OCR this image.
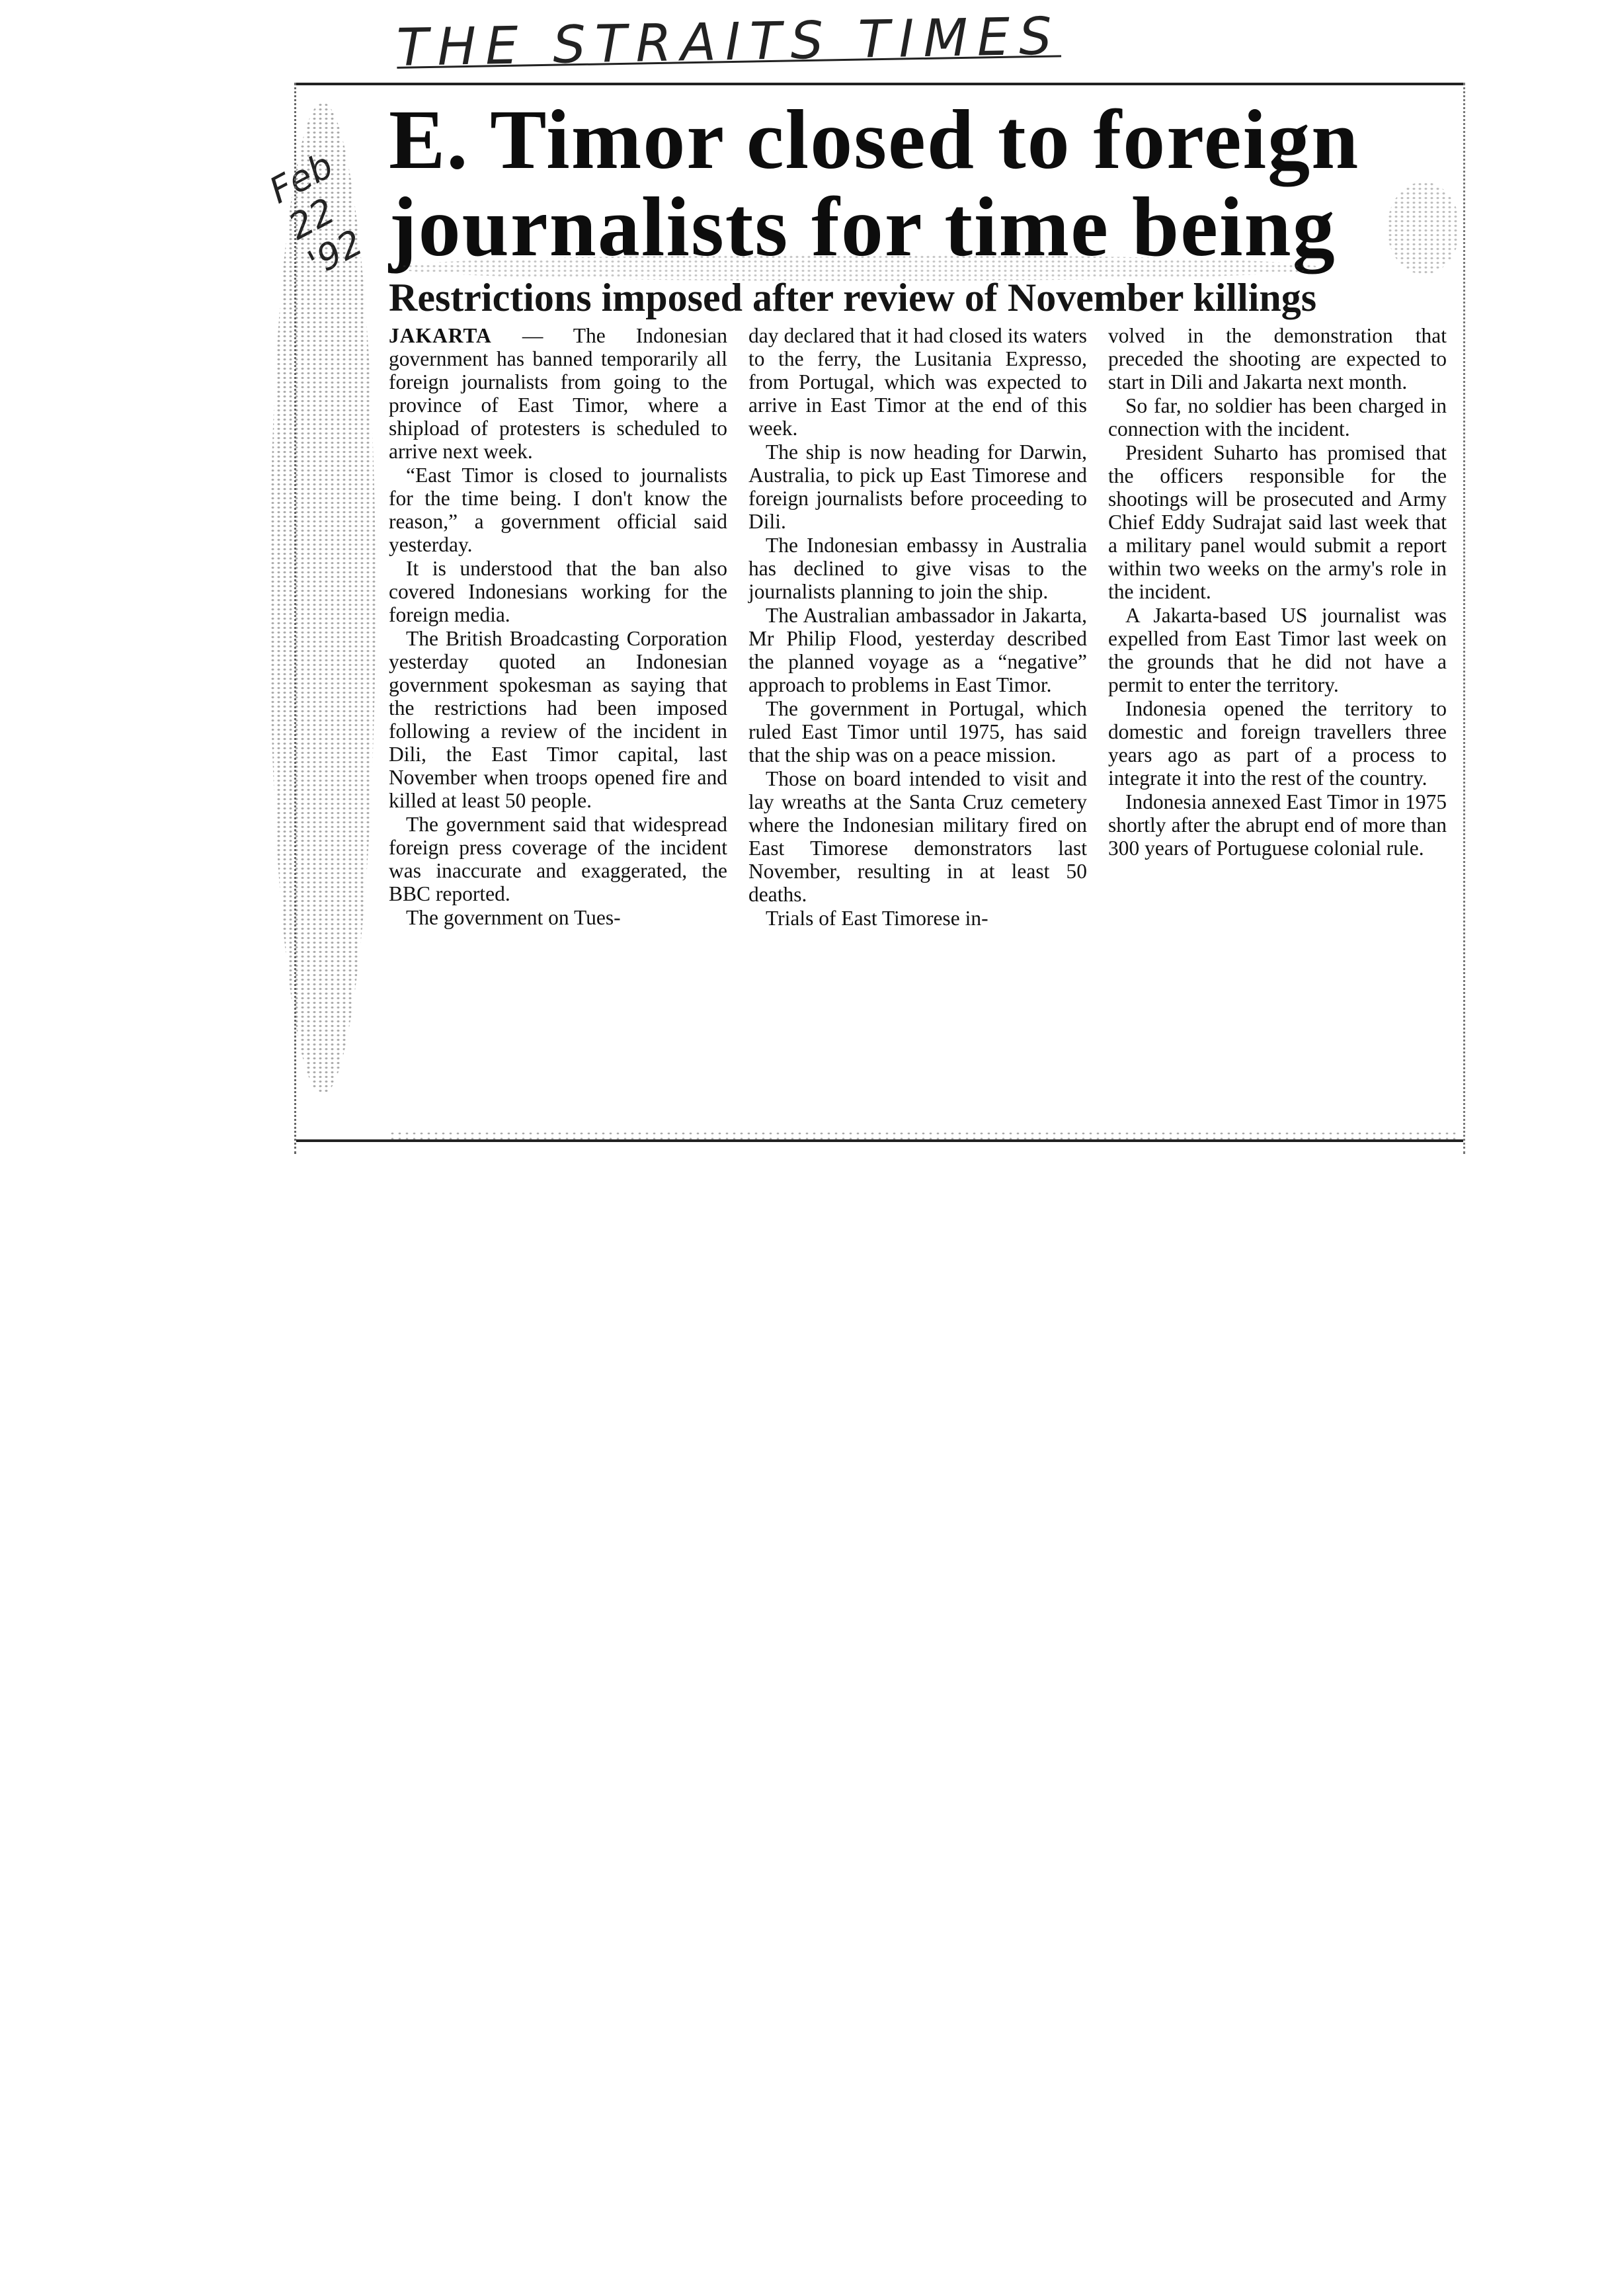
THE STRAITS TIMES
Feb 22 '92
E. Timor closed to foreign
journalists for time being
Restrictions imposed after review of November killings

JAKARTA — The Indonesian government has banned temporarily all foreign journalists from going to the province of East Timor, where a shipload of protesters is scheduled to arrive next week.

“East Timor is closed to journalists for the time being. I don't know the reason,” a government official said yesterday.

It is understood that the ban also covered Indonesians working for the foreign media.

The British Broadcasting Corporation yesterday quoted an Indonesian government spokesman as saying that the restrictions had been imposed following a review of the incident in Dili, the East Timor capital, last November when troops opened fire and killed at least 50 people.

The government said that widespread foreign press coverage of the incident was inaccurate and exaggerated, the BBC reported.

The government on Tues-

day declared that it had closed its waters to the ferry, the Lusitania Expresso, from Portugal, which was expected to arrive in East Timor at the end of this week.

The ship is now heading for Darwin, Australia, to pick up East Timorese and foreign journalists before proceeding to Dili.

The Indonesian embassy in Australia has declined to give visas to the journalists planning to join the ship.

The Australian ambassador in Jakarta, Mr Philip Flood, yesterday described the planned voyage as a “negative” approach to problems in East Timor.

The government in Portugal, which ruled East Timor until 1975, has said that the ship was on a peace mission.

Those on board intended to visit and lay wreaths at the Santa Cruz cemetery where the Indonesian military fired on East Timorese demonstrators last November, resulting in at least 50 deaths.

Trials of East Timorese in-

volved in the demonstration that preceded the shooting are expected to start in Dili and Jakarta next month.

So far, no soldier has been charged in connection with the incident.

President Suharto has promised that the officers responsible for the shootings will be prosecuted and Army Chief Eddy Sudrajat said last week that a military panel would submit a report within two weeks on the army's role in the incident.

A Jakarta-based US journalist was expelled from East Timor last week on the grounds that he did not have a permit to enter the territory.

Indonesia opened the territory to domestic and foreign travellers three years ago as part of a process to integrate it into the rest of the country.

Indonesia annexed East Timor in 1975 shortly after the abrupt end of more than 300 years of Portuguese colonial rule.
